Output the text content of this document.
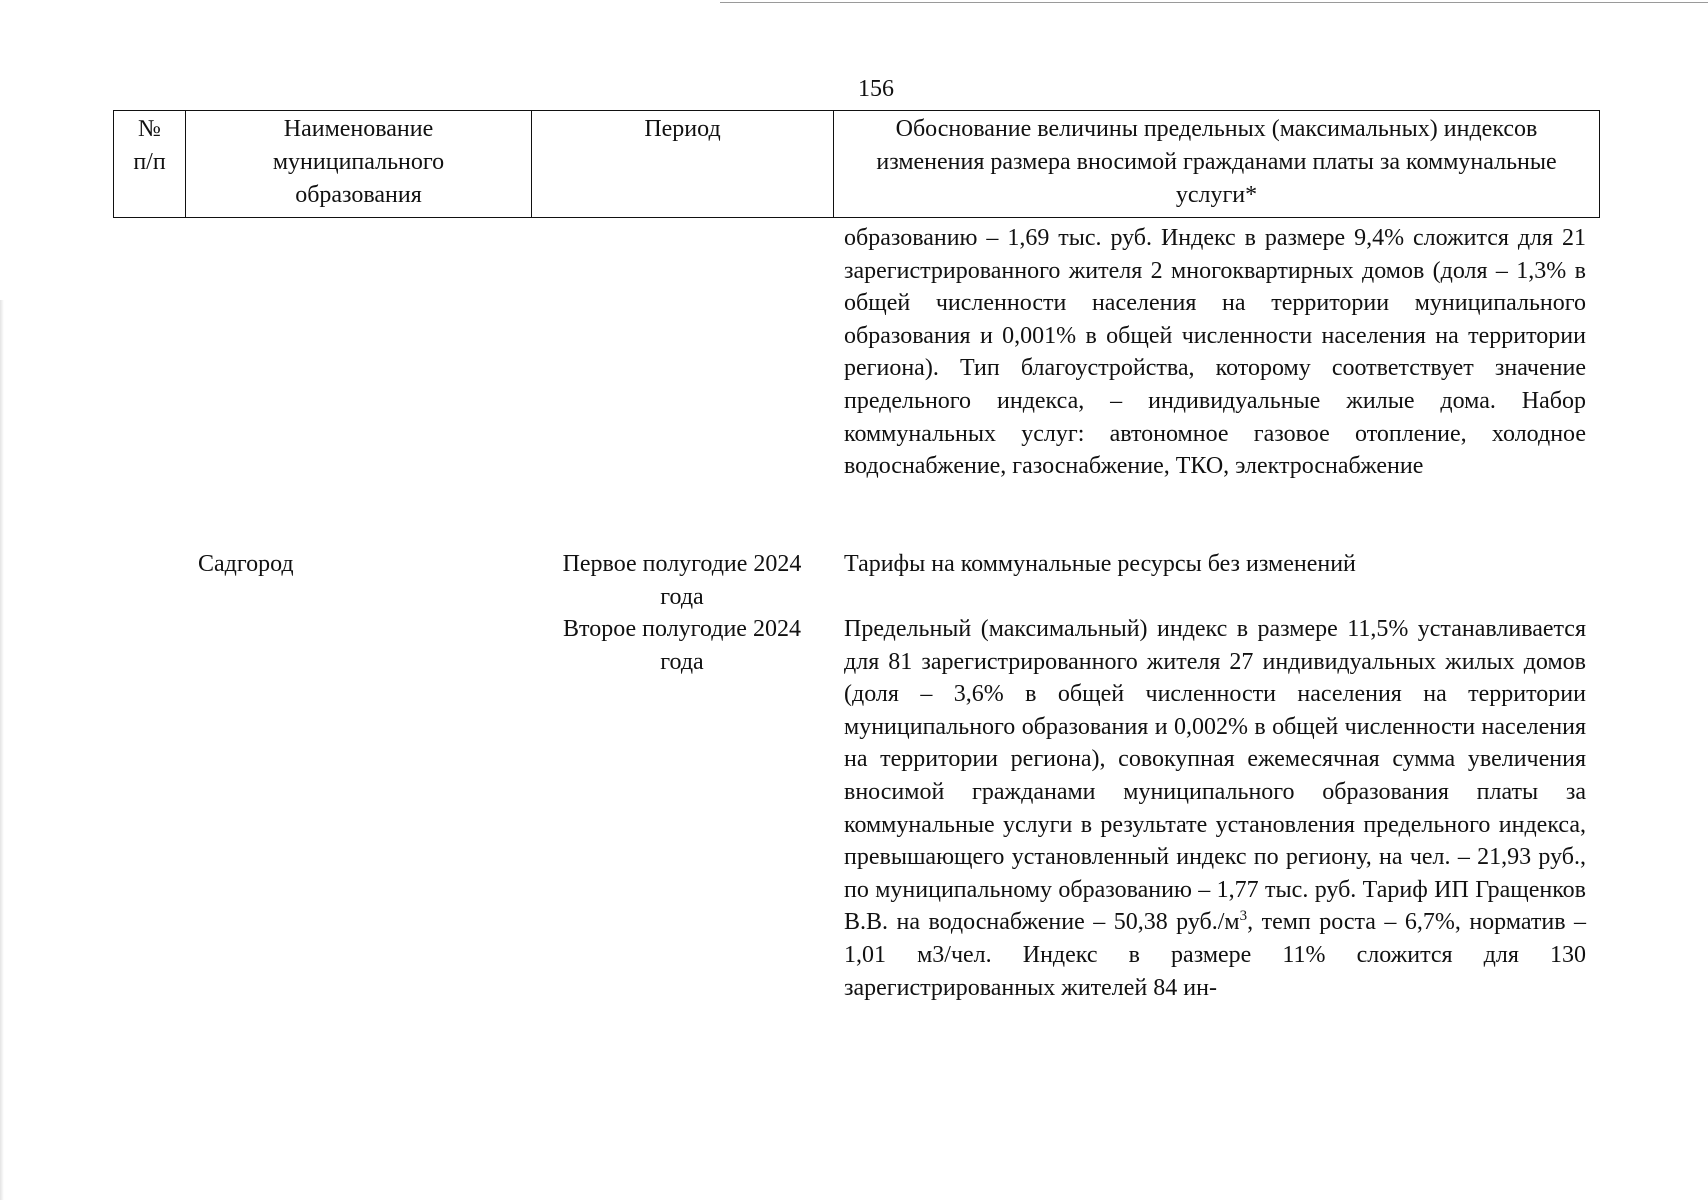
156
№
п/п
Наименование муниципального образования
Период	Обоснование величины предельных (максимальных) индексов изменения размера вносимой гражданами платы за коммунальные услуги*
образованию – 1,69 тыс. руб. Индекс в размере 9,4% сложится для 21 зарегистрированного жителя 2 многоквартирных домов (доля – 1,3% в общей численности населения на территории муниципального образования и 0,001% в общей численности населения на территории региона). Тип благоустройства, которому соответствует значение предельного индекса, – индивидуальные жилые дома. Набор коммунальных услуг: автономное газовое отопление, холодное водоснабжение, газоснабжение, ТКО, электроснабжение
Садгород	Первое полугодие 2024 года
Тарифы на коммунальные ресурсы без изменений
Второе полугодие 2024 года
Предельный (максимальный) индекс в размере 11,5% устанавливается для 81 зарегистрированного жителя 27 индивидуальных жилых домов (доля – 3,6% в общей численности населения на территории муниципального образования и 0,002% в общей численности населения на территории региона), совокупная ежемесячная сумма увеличения вносимой гражданами муниципального образования платы за коммунальные услуги в результате установления предельного индекса, превышающего установленный индекс по региону, на чел. – 21,93 руб., по муниципальному образованию – 1,77 тыс. руб. Тариф ИП Гращенков В.В. на водоснабжение – 50,38 $руб./м^3$, темп роста – 6,7%, норматив – 1,01 м3/чел. Индекс в размере 11% сложится для 130 зарегистрированных жителей 84 ин-
